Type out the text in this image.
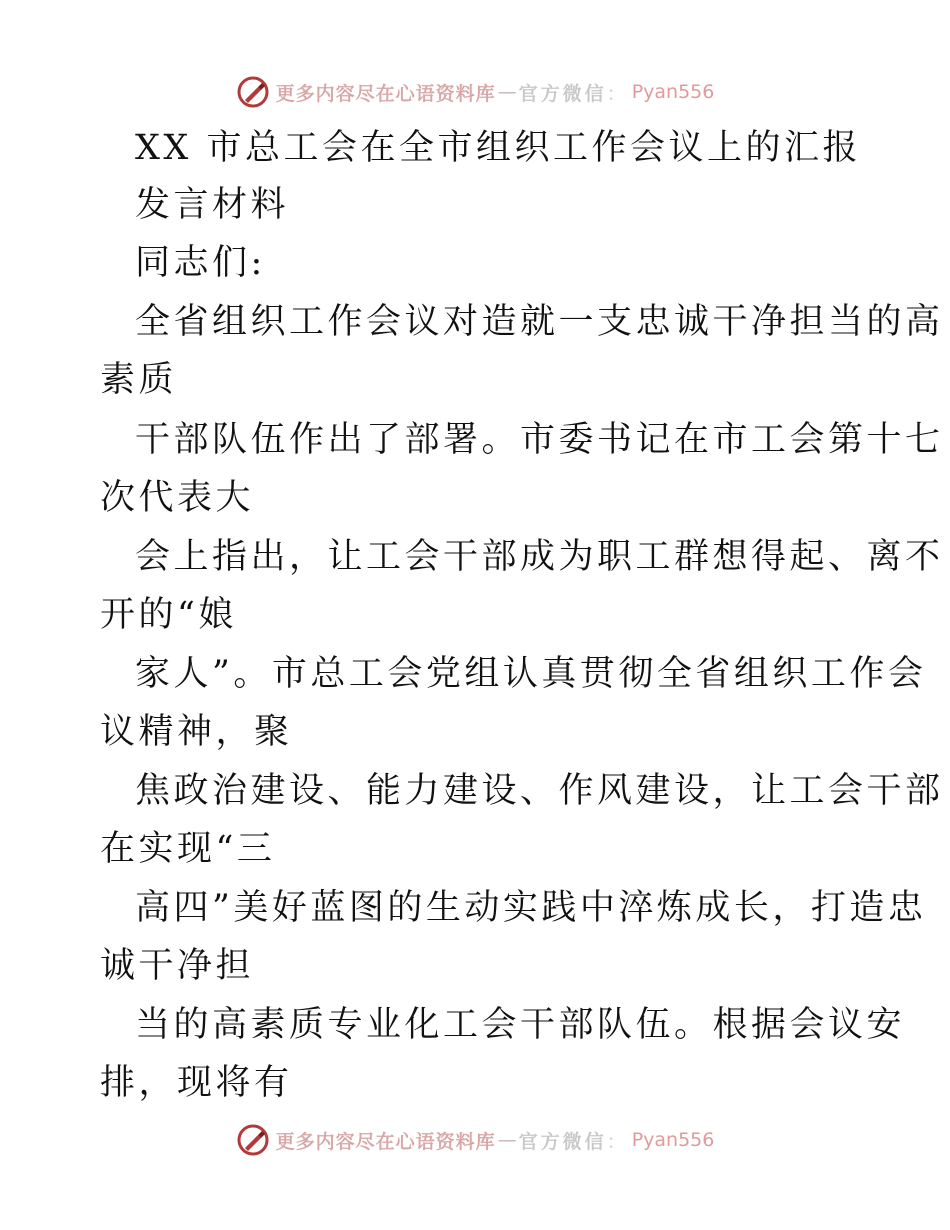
更多内容尽在心语资料库 — 官方微信 ： Pyan556
XX 市总工会在全市组织工作会议上的汇报
发言材料
同志们:
全省组织工作会议对造就一支忠诚干净担当的高
素质
干部队伍作出了部署。市委书记在市工会第十七
次代表大
会上指出，让工会干部成为职工群想得起、离不
开的“娘
家人”。市总工会党组认真贯彻全省组织工作会
议精神，聚
焦政治建设、能力建设、作风建设，让工会干部
在实现“三
高四”美好蓝图的生动实践中淬炼成长，打造忠
诚干净担
当的高素质专业化工会干部队伍。根据会议安
排，现将有
更多内容尽在心语资料库 — 官方微信 ： Pyan556
